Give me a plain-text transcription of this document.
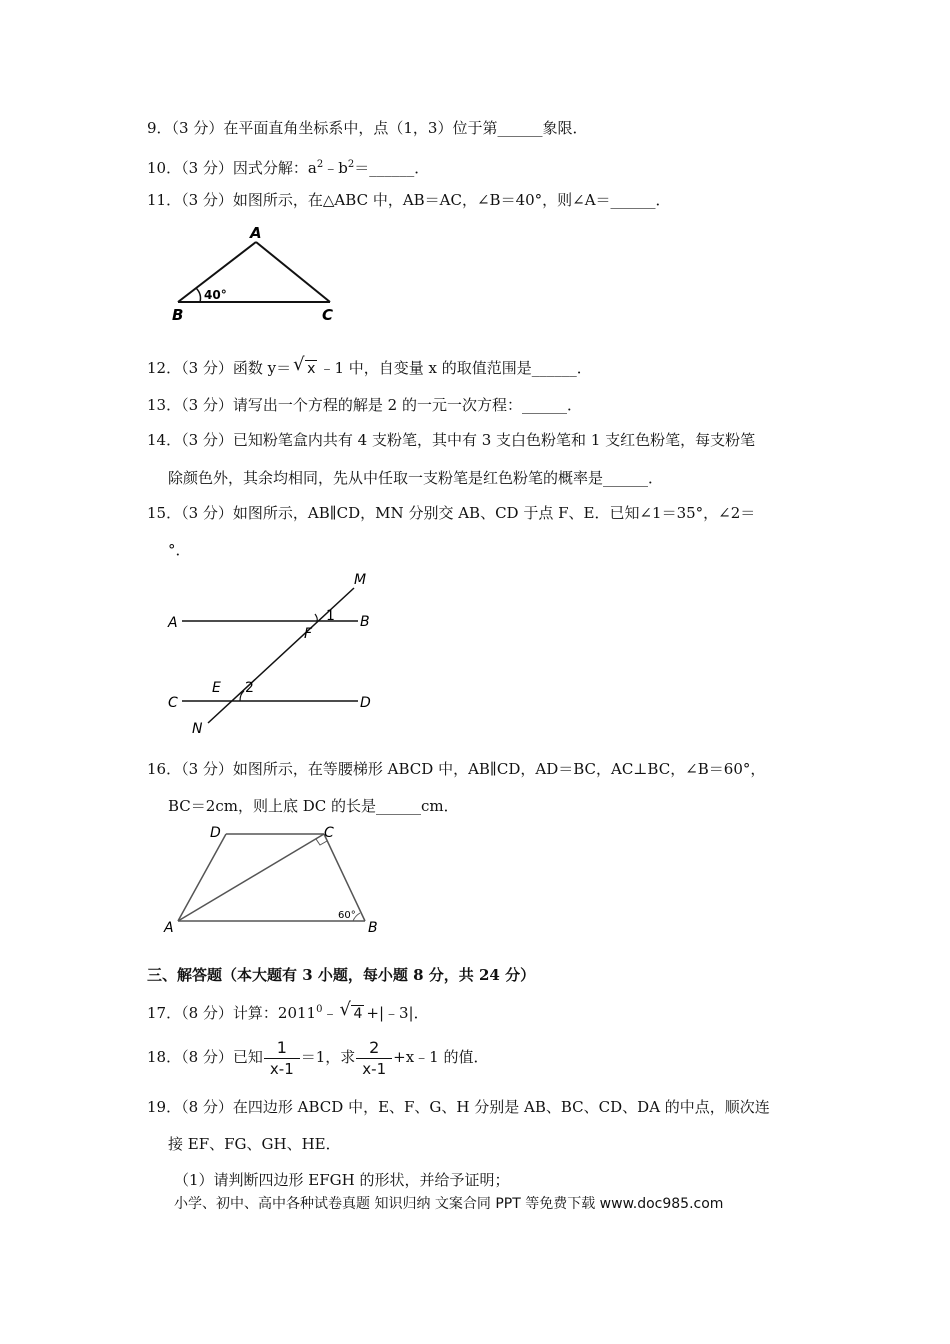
9．（3 分）在平面直角坐标系中，点（1，3）位于第______象限．
10．（3 分）因式分解：$a^2﹣b^2=\_\_\_\_\_\_$．
11．（3 分）如图所示，在△ABC 中，AB＝AC，∠B＝40°，则∠A＝______．
A
B	C
40°
12．（3 分）函数 y＝ √ x ﹣1 中，自变量 x 的取值范围是______．
13．（3 分）请写出一个方程的解是 2 的一元一次方程：______．
14．（3 分）已知粉笔盒内共有 4 支粉笔，其中有 3 支白色粉笔和 1 支红色粉笔，每支粉笔
除颜色外，其余均相同，先从中任取一支粉笔是红色粉笔的概率是______．
15．（3 分）如图所示，AB∥CD，MN 分别交 AB、CD 于点 F、E．已知∠1＝35°，∠2＝
°．
M
A	B
1
F
C
E 2
D
N
16．（3 分）如图所示，在等腰梯形 ABCD 中，AB∥CD，AD＝BC，AC⊥BC，∠B＝60°，
BC＝2cm，则上底 DC 的长是______cm．
D	C
A	B
60°
三、解答题（本大题有 3 小题，每小题 8 分，共 24 分）
17．（8 分）计算：2011$^0$﹣ √ 4 +|﹣3|．
18．（8 分）已知 $\frac{1}{x-1} =1$，求 $\frac{2}{x-1}$ +x﹣1 的值．
19．（8 分）在四边形 ABCD 中，E、F、G、H 分别是 AB、BC、CD、DA 的中点，顺次连
接 EF、FG、GH、HE．
（1）请判断四边形 EFGH 的形状，并给予证明；
小学、初中、高中各种试卷真题 知识归纳 文案合同 PPT 等免费下载 www.doc985.com
